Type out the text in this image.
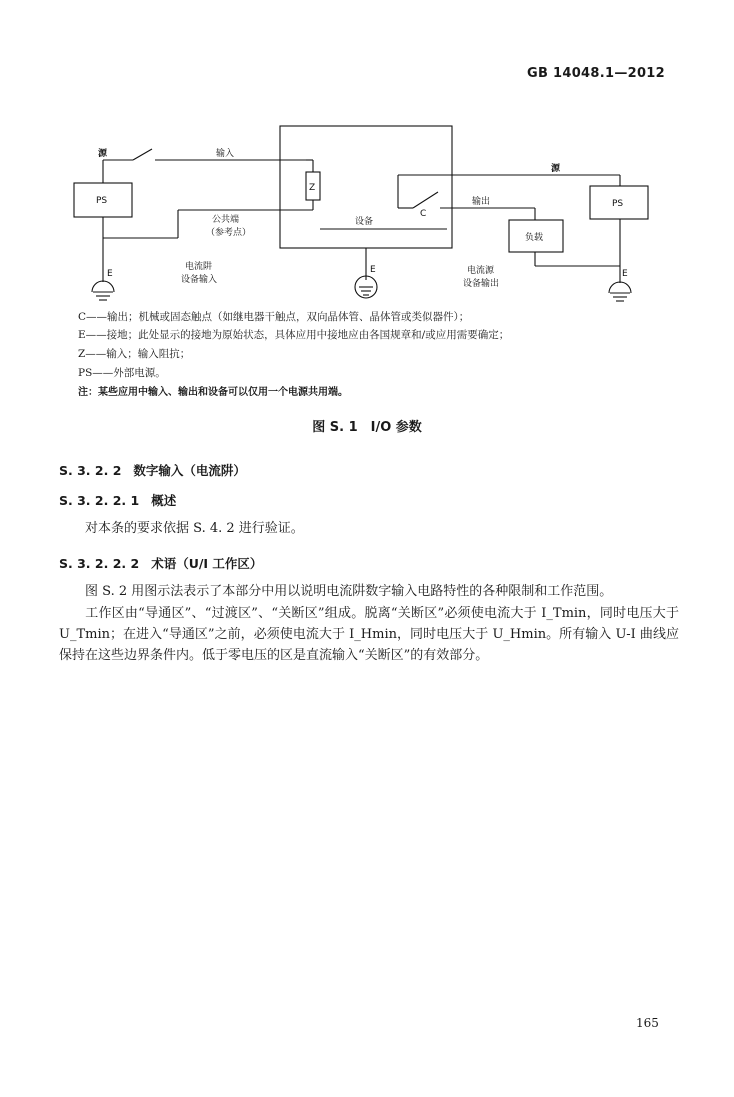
GB 14048.1—2012
源	输入
PS
Z
公共端
（参考点）
设备
C
输出
负载
源
PS
E	E	E
电流阱
设备输入
电流源
设备输出
C——输出；机械或固态触点（如继电器干触点，双向晶体管、晶体管或类似器件）；
E——接地；此处显示的接地为原始状态，具体应用中接地应由各国规章和/或应用需要确定；
Z——输入；输入阻抗；
PS——外部电源。
注：某些应用中输入、输出和设备可以仅用一个电源共用端。
图 S. 1　I/O 参数
S. 3. 2. 2 数字输入（电流阱）
S. 3. 2. 2. 1 概述
对本条的要求依据 S. 4. 2 进行验证。
S. 3. 2. 2. 2 术语（U/I 工作区）
图 S. 2 用图示法表示了本部分中用以说明电流阱数字输入电路特性的各种限制和工作范围。
工作区由“导通区”、“过渡区”、“关断区”组成。脱离“关断区”必须使电流大于 I_Tmin，同时电压大于 U_Tmin；在进入“导通区”之前，必须使电流大于 I_Hmin，同时电压大于 U_Hmin。所有输入 U-I 曲线应保持在这些边界条件内。低于零电压的区是直流输入“关断区”的有效部分。
165
